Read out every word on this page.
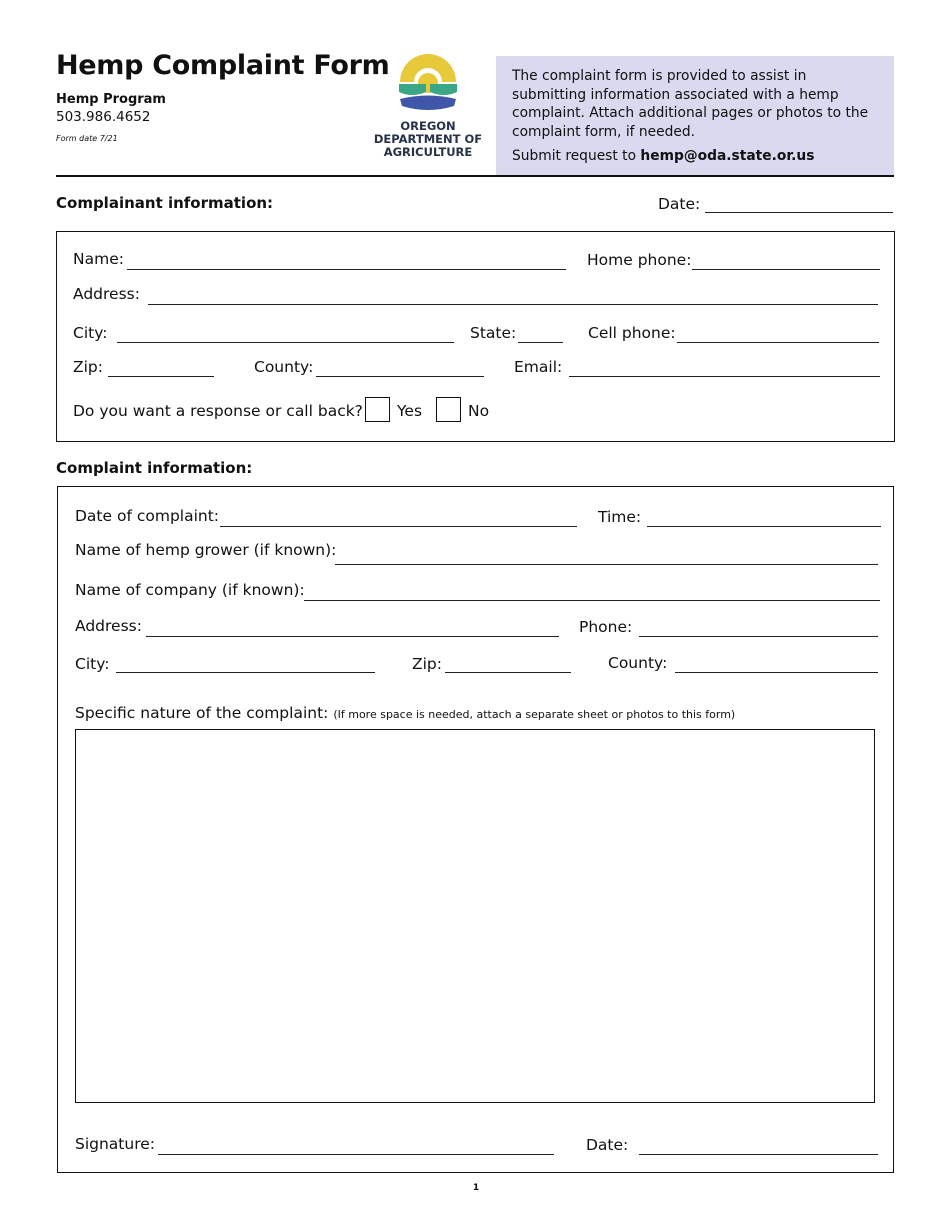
Hemp Complaint Form
Hemp Program
503.986.4652
Form date 7/21
OREGON
DEPARTMENT OF
AGRICULTURE

The complaint form is provided to assist in submitting information associated with a hemp complaint. Attach additional pages or photos to the complaint form, if needed.

Submit request to hemp@oda.state.or.us

Complainant information:	Date:
Name:	Home phone:
Address:
City:	State:	Cell phone:
Zip:	County:	Email:
Do you want a response or call back? Yes	No
Complaint information:
Date of complaint:	Time:
Name of hemp grower (if known):
Name of company (if known):
Address:	Phone:
City:	Zip:	County:
Specific nature of the complaint: (If more space is needed, attach a separate sheet or photos to this form)
Signature:	Date:
1
